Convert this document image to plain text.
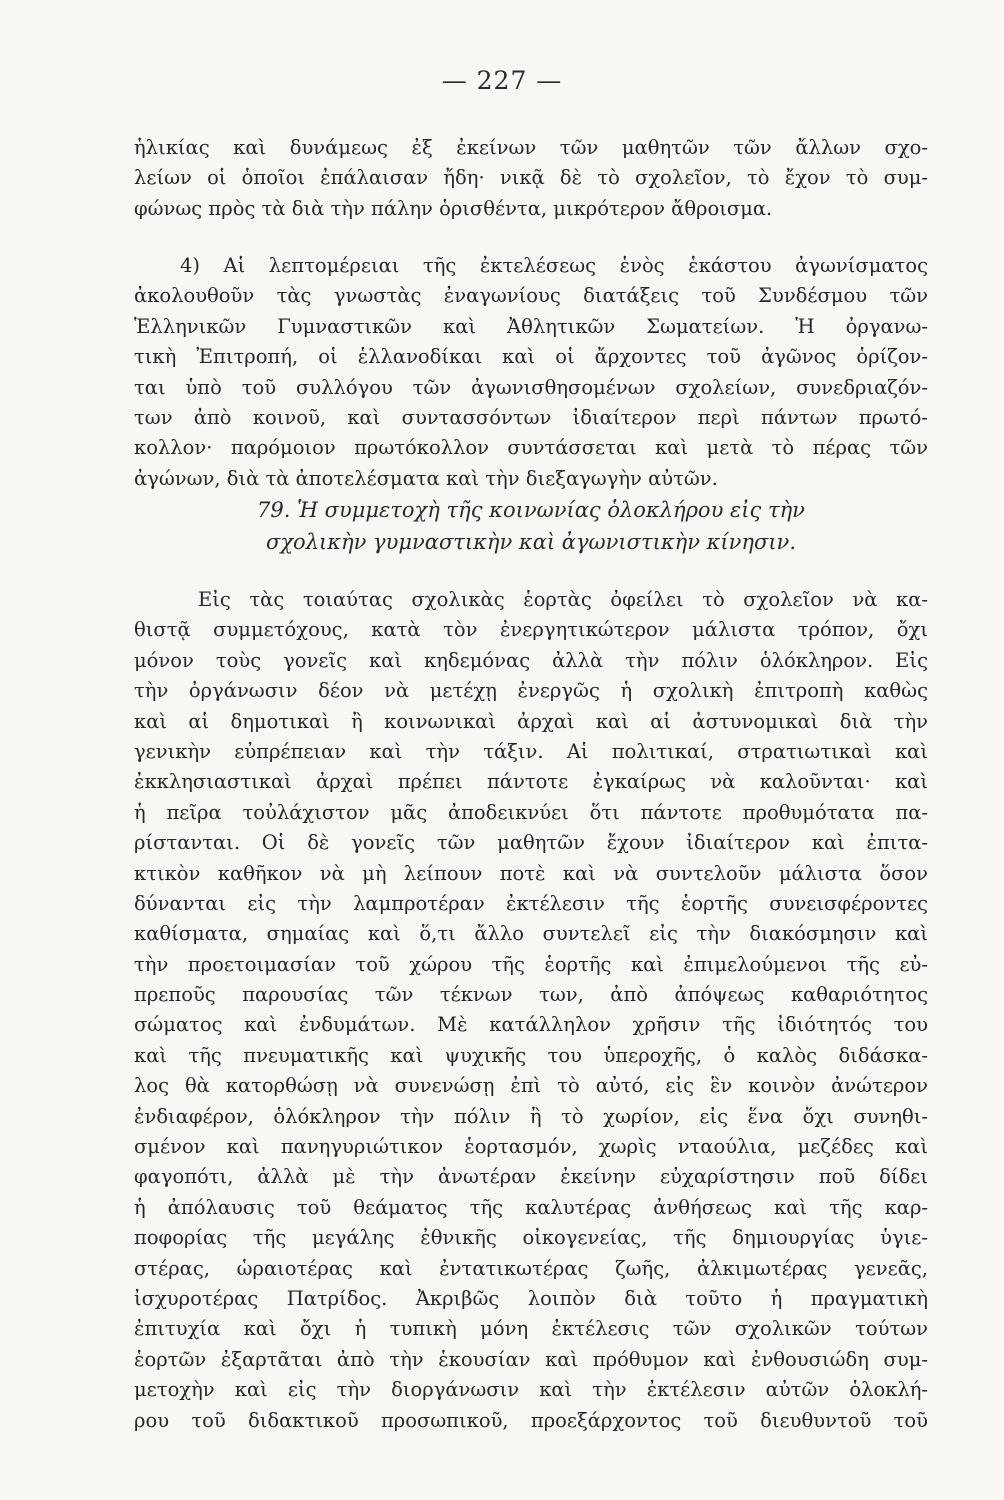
— 227 —
ἡλικίας καὶ δυνάμεως ἐξ ἐκείνων τῶν μαθητῶν τῶν ἄλλων σχο-
λείων οἱ ὁποῖοι ἐπάλαισαν ἤδη· νικᾷ δὲ τὸ σχολεῖον, τὸ ἔχον τὸ συμ-
φώνως πρὸς τὰ διὰ τὴν πάλην ὁρισθέντα, μικρότερον ἄθροισμα.
4) Αἱ λεπτομέρειαι τῆς ἐκτελέσεως ἑνὸς ἑκάστου ἀγωνίσματος
ἀκολουθοῦν τὰς γνωστὰς ἐναγωνίους διατάξεις τοῦ Συνδέσμου τῶν
Ἑλληνικῶν Γυμναστικῶν καὶ Ἀθλητικῶν Σωματείων. Ἡ ὀργανω-
τικὴ Ἐπιτροπή, οἱ ἑλλανοδίκαι καὶ οἱ ἄρχοντες τοῦ ἀγῶνος ὁρίζον-
ται ὑπὸ τοῦ συλλόγου τῶν ἀγωνισθησομένων σχολείων, συνεδριαζόν-
των ἀπὸ κοινοῦ, καὶ συντασσόντων ἰδιαίτερον περὶ πάντων πρωτό-
κολλον· παρόμοιον πρωτόκολλον συντάσσεται καὶ μετὰ τὸ πέρας τῶν
ἀγώνων, διὰ τὰ ἀποτελέσματα καὶ τὴν διεξαγωγὴν αὐτῶν.
79. Ἡ συμμετοχὴ τῆς κοινωνίας ὁλοκλήρου εἰς τὴν
σχολικὴν γυμναστικὴν καὶ ἀγωνιστικὴν κίνησιν.
Εἰς τὰς τοιαύτας σχολικὰς ἑορτὰς ὀφείλει τὸ σχολεῖον νὰ κα-
θιστᾷ συμμετόχους, κατὰ τὸν ἐνεργητικώτερον μάλιστα τρόπον, ὄχι
μόνον τοὺς γονεῖς καὶ κηδεμόνας ἀλλὰ τὴν πόλιν ὁλόκληρον. Εἰς
τὴν ὀργάνωσιν δέον νὰ μετέχῃ ἐνεργῶς ἡ σχολικὴ ἐπιτροπὴ καθὼς
καὶ αἱ δημοτικαὶ ἢ κοινωνικαὶ ἀρχαὶ καὶ αἱ ἀστυνομικαὶ διὰ τὴν
γενικὴν εὐπρέπειαν καὶ τὴν τάξιν. Αἱ πολιτικαί, στρατιωτικαὶ καὶ
ἐκκλησιαστικαὶ ἀρχαὶ πρέπει πάντοτε ἐγκαίρως νὰ καλοῦνται· καὶ
ἡ πεῖρα τοὐλάχιστον μᾶς ἀποδεικνύει ὅτι πάντοτε προθυμότατα πα-
ρίστανται. Οἱ δὲ γονεῖς τῶν μαθητῶν ἔχουν ἰδιαίτερον καὶ ἐπιτα-
κτικὸν καθῆκον νὰ μὴ λείπουν ποτὲ καὶ νὰ συντελοῦν μάλιστα ὅσον
δύνανται εἰς τὴν λαμπροτέραν ἐκτέλεσιν τῆς ἑορτῆς συνεισφέροντες
καθίσματα, σημαίας καὶ ὅ,τι ἄλλο συντελεῖ εἰς τὴν διακόσμησιν καὶ
τὴν προετοιμασίαν τοῦ χώρου τῆς ἑορτῆς καὶ ἐπιμελούμενοι τῆς εὐ-
πρεποῦς παρουσίας τῶν τέκνων των, ἀπὸ ἀπόψεως καθαριότητος
σώματος καὶ ἐνδυμάτων. Μὲ κατάλληλον χρῆσιν τῆς ἰδιότητός του
καὶ τῆς πνευματικῆς καὶ ψυχικῆς του ὑπεροχῆς, ὁ καλὸς διδάσκα-
λος θὰ κατορθώσῃ νὰ συνενώσῃ ἐπὶ τὸ αὐτό, εἰς ἓν κοινὸν ἀνώτερον
ἐνδιαφέρον, ὁλόκληρον τὴν πόλιν ἢ τὸ χωρίον, εἰς ἕνα ὄχι συνηθι-
σμένον καὶ πανηγυριώτικον ἑορτασμόν, χωρὶς νταούλια, μεζέδες καὶ
φαγοπότι, ἀλλὰ μὲ τὴν ἀνωτέραν ἐκείνην εὐχαρίστησιν ποῦ δίδει
ἡ ἀπόλαυσις τοῦ θεάματος τῆς καλυτέρας ἀνθήσεως καὶ τῆς καρ-
ποφορίας τῆς μεγάλης ἐθνικῆς οἰκογενείας, τῆς δημιουργίας ὑγιε-
στέρας, ὡραιοτέρας καὶ ἐντατικωτέρας ζωῆς, ἀλκιμωτέρας γενεᾶς,
ἰσχυροτέρας Πατρίδος. Ἀκριβῶς λοιπὸν διὰ τοῦτο ἡ πραγματικὴ
ἐπιτυχία καὶ ὄχι ἡ τυπικὴ μόνη ἐκτέλεσις τῶν σχολικῶν τούτων
ἑορτῶν ἐξαρτᾶται ἀπὸ τὴν ἑκουσίαν καὶ πρόθυμον καὶ ἐνθουσιώδη συμ-
μετοχὴν καὶ εἰς τὴν διοργάνωσιν καὶ τὴν ἐκτέλεσιν αὐτῶν ὁλοκλή-
ρου τοῦ διδακτικοῦ προσωπικοῦ, προεξάρχοντος τοῦ διευθυντοῦ τοῦ
